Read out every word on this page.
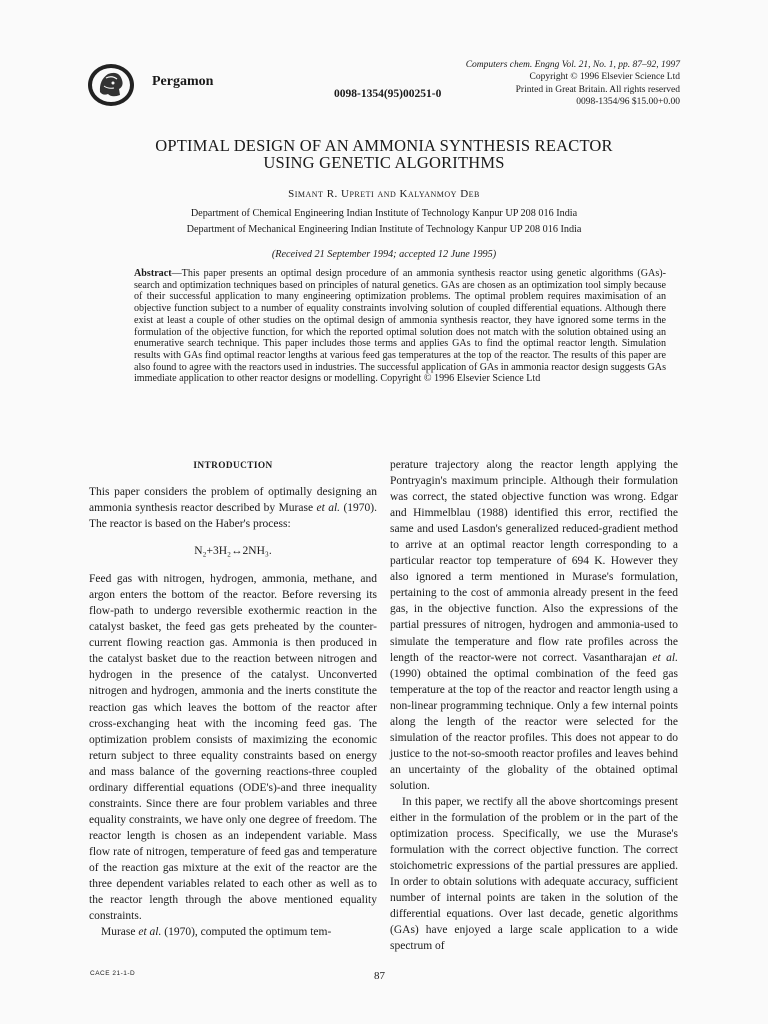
Pergamon
0098-1354(95)00251-0
Computers chem. Engng Vol. 21, No. 1, pp. 87–92, 1997
Copyright © 1996 Elsevier Science Ltd
Printed in Great Britain. All rights reserved
0098-1354/96 $15.00+0.00
OPTIMAL DESIGN OF AN AMMONIA SYNTHESIS REACTOR
USING GENETIC ALGORITHMS
Simant R. Upreti and Kalyanmoy Deb
Department of Chemical Engineering Indian Institute of Technology Kanpur UP 208 016 India
Department of Mechanical Engineering Indian Institute of Technology Kanpur UP 208 016 India
(Received 21 September 1994; accepted 12 June 1995)
Abstract—This paper presents an optimal design procedure of an ammonia synthesis reactor using genetic algorithms (GAs)-search and optimization techniques based on principles of natural genetics. GAs are chosen as an optimization tool simply because of their successful application to many engineering optimization problems. The optimal problem requires maximisation of an objective function subject to a number of equality constraints involving solution of coupled differential equations. Although there exist at least a couple of other studies on the optimal design of ammonia synthesis reactor, they have ignored some terms in the formulation of the objective function, for which the reported optimal solution does not match with the solution obtained using an enumerative search technique. This paper includes those terms and applies GAs to find the optimal reactor length. Simulation results with GAs find optimal reactor lengths at various feed gas temperatures at the top of the reactor. The results of this paper are also found to agree with the reactors used in industries. The successful application of GAs in ammonia reactor design suggests GAs immediate application to other reactor designs or modelling. Copyright © 1996 Elsevier Science Ltd
INTRODUCTION

This paper considers the problem of optimally designing an ammonia synthesis reactor described by Murase et al. (1970). The reactor is based on the Haber's process:

N₂+3H₂↔2NH₃.

Feed gas with nitrogen, hydrogen, ammonia, methane, and argon enters the bottom of the reactor. Before reversing its flow-path to undergo reversible exothermic reaction in the catalyst basket, the feed gas gets preheated by the counter-current flowing reaction gas. Ammonia is then produced in the catalyst basket due to the reaction between nitrogen and hydrogen in the presence of the catalyst. Unconverted nitrogen and hydrogen, ammonia and the inerts constitute the reaction gas which leaves the bottom of the reactor after cross-exchanging heat with the incoming feed gas. The optimization problem consists of maximizing the economic return subject to three equality constraints based on energy and mass balance of the governing reactions-three coupled ordinary differential equations (ODE's)-and three inequality constraints. Since there are four problem variables and three equality constraints, we have only one degree of freedom. The reactor length is chosen as an independent variable. Mass flow rate of nitrogen, temperature of feed gas and temperature of the reaction gas mixture at the exit of the reactor are the three dependent variables related to each other as well as to the reactor length through the above mentioned equality constraints.

Murase et al. (1970), computed the optimum tem-

perature trajectory along the reactor length applying the Pontryagin's maximum principle. Although their formulation was correct, the stated objective function was wrong. Edgar and Himmelblau (1988) identified this error, rectified the same and used Lasdon's generalized reduced-gradient method to arrive at an optimal reactor length corresponding to a particular reactor top temperature of 694 K. However they also ignored a term mentioned in Murase's formulation, pertaining to the cost of ammonia already present in the feed gas, in the objective function. Also the expressions of the partial pressures of nitrogen, hydrogen and ammonia-used to simulate the temperature and flow rate profiles across the length of the reactor-were not correct. Vasantharajan et al. (1990) obtained the optimal combination of the feed gas temperature at the top of the reactor and reactor length using a non-linear programming technique. Only a few internal points along the length of the reactor were selected for the simulation of the reactor profiles. This does not appear to do justice to the not-so-smooth reactor profiles and leaves behind an uncertainty of the globality of the obtained optimal solution.

In this paper, we rectify all the above shortcomings present either in the formulation of the problem or in the part of the optimization process. Specifically, we use the Murase's formulation with the correct objective function. The correct stoichometric expressions of the partial pressures are applied. In order to obtain solutions with adequate accuracy, sufficient number of internal points are taken in the solution of the differential equations. Over last decade, genetic algorithms (GAs) have enjoyed a large scale application to a wide spectrum of

CACE 21-1-D	87
